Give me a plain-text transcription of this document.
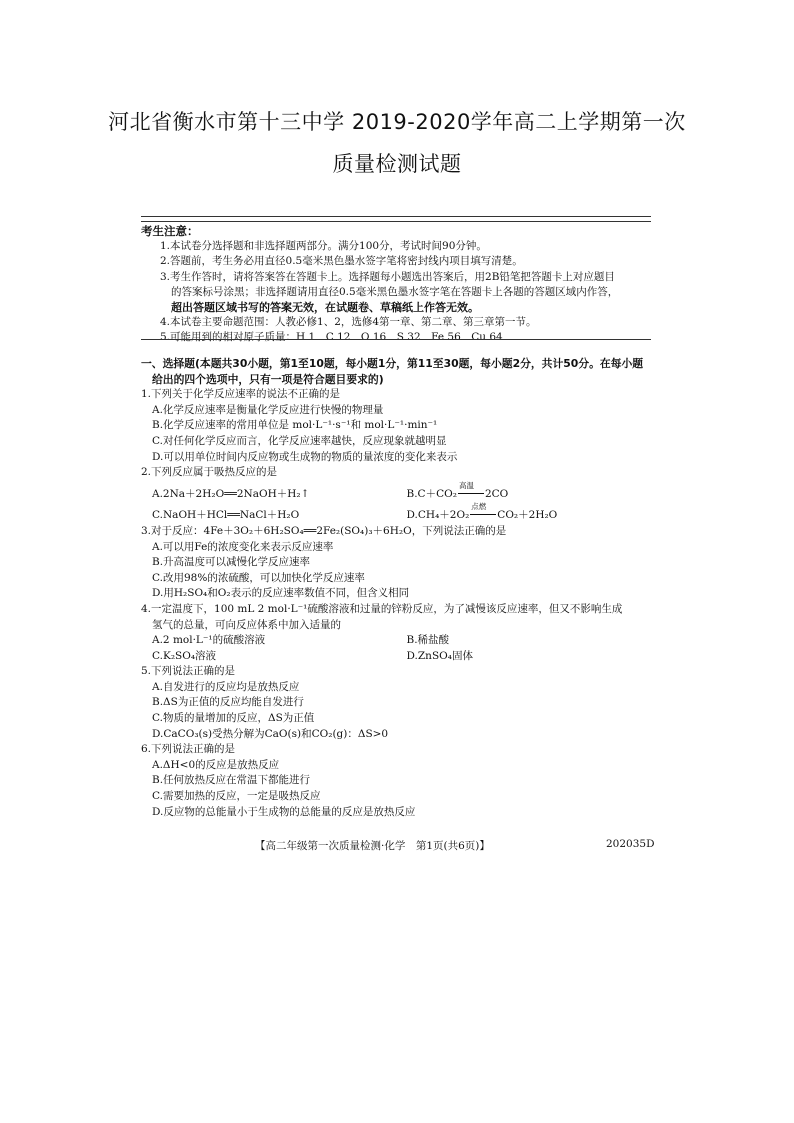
河北省衡水市第十三中学 2019-2020学年高二上学期第一次
质量检测试题
考生注意：
1.本试卷分选择题和非选择题两部分。满分100分，考试时间90分钟。
2.答题前，考生务必用直径0.5毫米黑色墨水签字笔将密封线内项目填写清楚。
3.考生作答时，请将答案答在答题卡上。选择题每小题选出答案后，用2B铅笔把答题卡上对应题目
的答案标号涂黑；非选择题请用直径0.5毫米黑色墨水签字笔在答题卡上各题的答题区域内作答，
超出答题区域书写的答案无效，在试题卷、草稿纸上作答无效。
4.本试卷主要命题范围：人教必修1、2，选修4第一章、第二章、第三章第一节。
5.可能用到的相对原子质量：H 1　C 12　O 16　S 32　Fe 56　Cu 64
一、选择题(本题共30小题，第1至10题，每小题1分，第11至30题，每小题2分，共计50分。在每小题
给出的四个选项中，只有一项是符合题目要求的)
1.下列关于化学反应速率的说法不正确的是
A.化学反应速率是衡量化学反应进行快慢的物理量
B.化学反应速率的常用单位是 mol·L⁻¹·s⁻¹和 mol·L⁻¹·min⁻¹
C.对任何化学反应而言，化学反应速率越快，反应现象就越明显
D.可以用单位时间内反应物或生成物的物质的量浓度的变化来表示
2.下列反应属于吸热反应的是
A.2Na＋2H₂O══2NaOH＋H₂↑	B.C＋CO₂
高温
2CO
C.NaOH＋HCl══NaCl＋H₂O	D.CH₄＋2O₂
点燃
CO₂＋2H₂O
3.对于反应：4Fe＋3O₂＋6H₂SO₄══2Fe₂(SO₄)₃＋6H₂O，下列说法正确的是
A.可以用Fe的浓度变化来表示反应速率
B.升高温度可以减慢化学反应速率
C.改用98%的浓硫酸，可以加快化学反应速率
D.用H₂SO₄和O₂表示的反应速率数值不同，但含义相同
4.一定温度下，100 mL 2 mol·L⁻¹硫酸溶液和过量的锌粉反应，为了减慢该反应速率，但又不影响生成
氢气的总量，可向反应体系中加入适量的
A.2 mol·L⁻¹的硫酸溶液	B.稀盐酸
C.K₂SO₄溶液	D.ZnSO₄固体
5.下列说法正确的是
A.自发进行的反应均是放热反应
B.ΔS为正值的反应均能自发进行
C.物质的量增加的反应，ΔS为正值
D.CaCO₃(s)受热分解为CaO(s)和CO₂(g)：ΔS>0
6.下列说法正确的是
A.ΔH<0的反应是放热反应
B.任何放热反应在常温下都能进行
C.需要加热的反应，一定是吸热反应
D.反应物的总能量小于生成物的总能量的反应是放热反应
【高二年级第一次质量检测·化学　第1页(共6页)】	202035D
